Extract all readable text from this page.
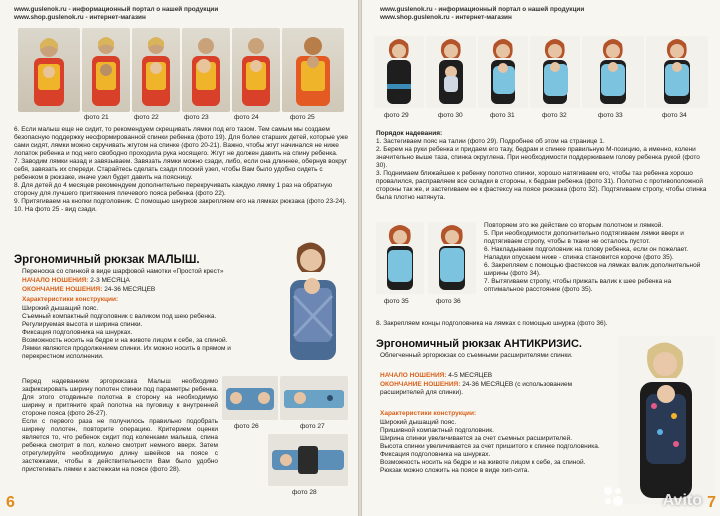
www.guslenok.ru - информационный портал о нашей продукции
www.shop.guslenok.ru - интернет-магазин
фото 21	фото 22	фото 23	фото 24	фото 25

6. Если малыш еще не сидит, то рекомендуем скрещивать лямки под его тазом. Тем самым мы создаем безопасную поддержку несформированной спинки ребенка (фото 19). Для более старших детей, которые уже сами сидят, лямки можно скручивать жгутом на спинке (фото 20-21). Важно, чтобы жгут начинался не ниже лопаток ребенка и под него свободно проходила рука носящего. Жгут не должен давить на спину ребенка.

7. Заводим лямки назад и завязываем. Завязать лямки можно сзади, либо, если она длиннее, обернув вокруг себя, завязать их спереди. Старайтесь сделать сзади плоский узел, чтобы Вам было удобно сидеть с ребенком в рюкзаке, иначе узел будет давить на поясницу.

8. Для детей до 4 месяцев рекомендуем дополнительно перекручивать каждую лямку 1 раз на обратную сторону для лучшего притяжения плечевого пояса ребенка (фото 22).

9. Притягиваем на кнопки подголовник. С помощью шнурков закрепляем его на лямках рюкзака (фото 23-24).

10. На фото 25 - вид сзади.

Эргономичный рюкзак МАЛЫШ.
Переноска со спинкой в виде шарфовой намотки «Простой крест»
НАЧАЛО НОШЕНИЯ: 2-3 МЕСЯЦА
ОКОНЧАНИЕ НОШЕНИЯ: 24-36 МЕСЯЦЕВ
Характеристики конструкции:

Широкий дышащий пояс.

Съемный компактный подголовник с валиком под шею ребенка.

Регулируемая высота и ширина спинки.

Фиксация подголовника на шнурках.

Возможность носить на бедре и на животе лицом к себе, за спиной.

Лямки являются продолжением спинки. Их можно носить в прямом и перекрестном исполнении.

Перед надеванием эргорюкзака Малыш необходимо зафиксировать ширину полотен спинки под параметры ребенка. Для этого отодвиньте полотна в сторону на необходимую ширину и притяните край полотна на пуговицу к внутренней стороне пояса (фото 26-27).

Если с первого раза не получилось правильно подобрать ширину полотен, повторите операцию. Критерием оценки является то, что ребенок сидит под коленками малыша, спина ребенка смотрит в пол, колено смотрит немного вверх. Затем отрегулируйте необходимую длину швейков на поясе с застежками, чтобы в действительности Вам было удобно пристегивать лямки к застежкам на поясе (фото 28).

фото 26	фото 27
фото 28
6
www.guslenok.ru - информационный портал о нашей продукции
www.shop.guslenok.ru - интернет-магазин
фото 29	фото 30	фото 31	фото 32	фото 33	фото 34

Порядок надевания:

1. Застегиваем пояс на талии (фото 29). Подробнее об этом на странице 1.

2. Берем на руки ребенка и придаем его тазу, бедрам и спинке правильную М-позицию, а именно, колени значительно выше таза, спинка округлена. При необходимости поддерживаем голову ребенка рукой (фото 30).

3. Поднимаем ближайшее к ребенку полотно спинки, хорошо натягиваем его, чтобы таз ребенка хорошо провалился, расправляем все складки в стороны, к бедрам ребенка (фото 31). Полотно с противоположной стороны так же, и застегиваем ее к фастексу на поясе рюкзака (фото 32). Подтягиваем стропу, чтобы спинка была плотно натянута.

фото 35	фото 36

Повторяем это же действие со вторым полотном и лямкой.

5. При необходимости дополнительно подтягиваем лямки вверх и подтягиваем стропу, чтобы в ткани не осталось пустот.

6. Накладываем подголовник на голову ребенка, если он пожелает. Наладки опускаем ниже - спинка становится короче (фото 35).

6. Закрепляем с помощью фастексов на лямках валик дополнительной ширины (фото 34).

7. Вытягиваем стропу, чтобы прижать валик к шее ребенка на оптимальное расстояние (фото 35).

8. Закрепляем концы подголовника на лямках с помощью шнурка (фото 36).
Эргономичный рюкзак АНТИКРИЗИС.
Облегченный эргорюкзак со съемными расширителями спинки.
НАЧАЛО НОШЕНИЯ: 4-5 МЕСЯЦЕВ
ОКОНЧАНИЕ НОШЕНИЯ: 24-36 МЕСЯЦЕВ (с использованием расширителей для спинки).
Характеристики конструкции:

Широкий дышащий пояс.

Пришивной компактный подголовник.

Ширина спинки увеличивается за счет съемных расширителей.

Высота спинки увеличивается за счет пришитого к спинке подголовника.

Фиксация подголовника на шнурках.

Возможность носить на бедре и на животе лицом к себе, за спиной.

Рюкзак можно сложить на поясе в виде хип-сита.

7
Avito
